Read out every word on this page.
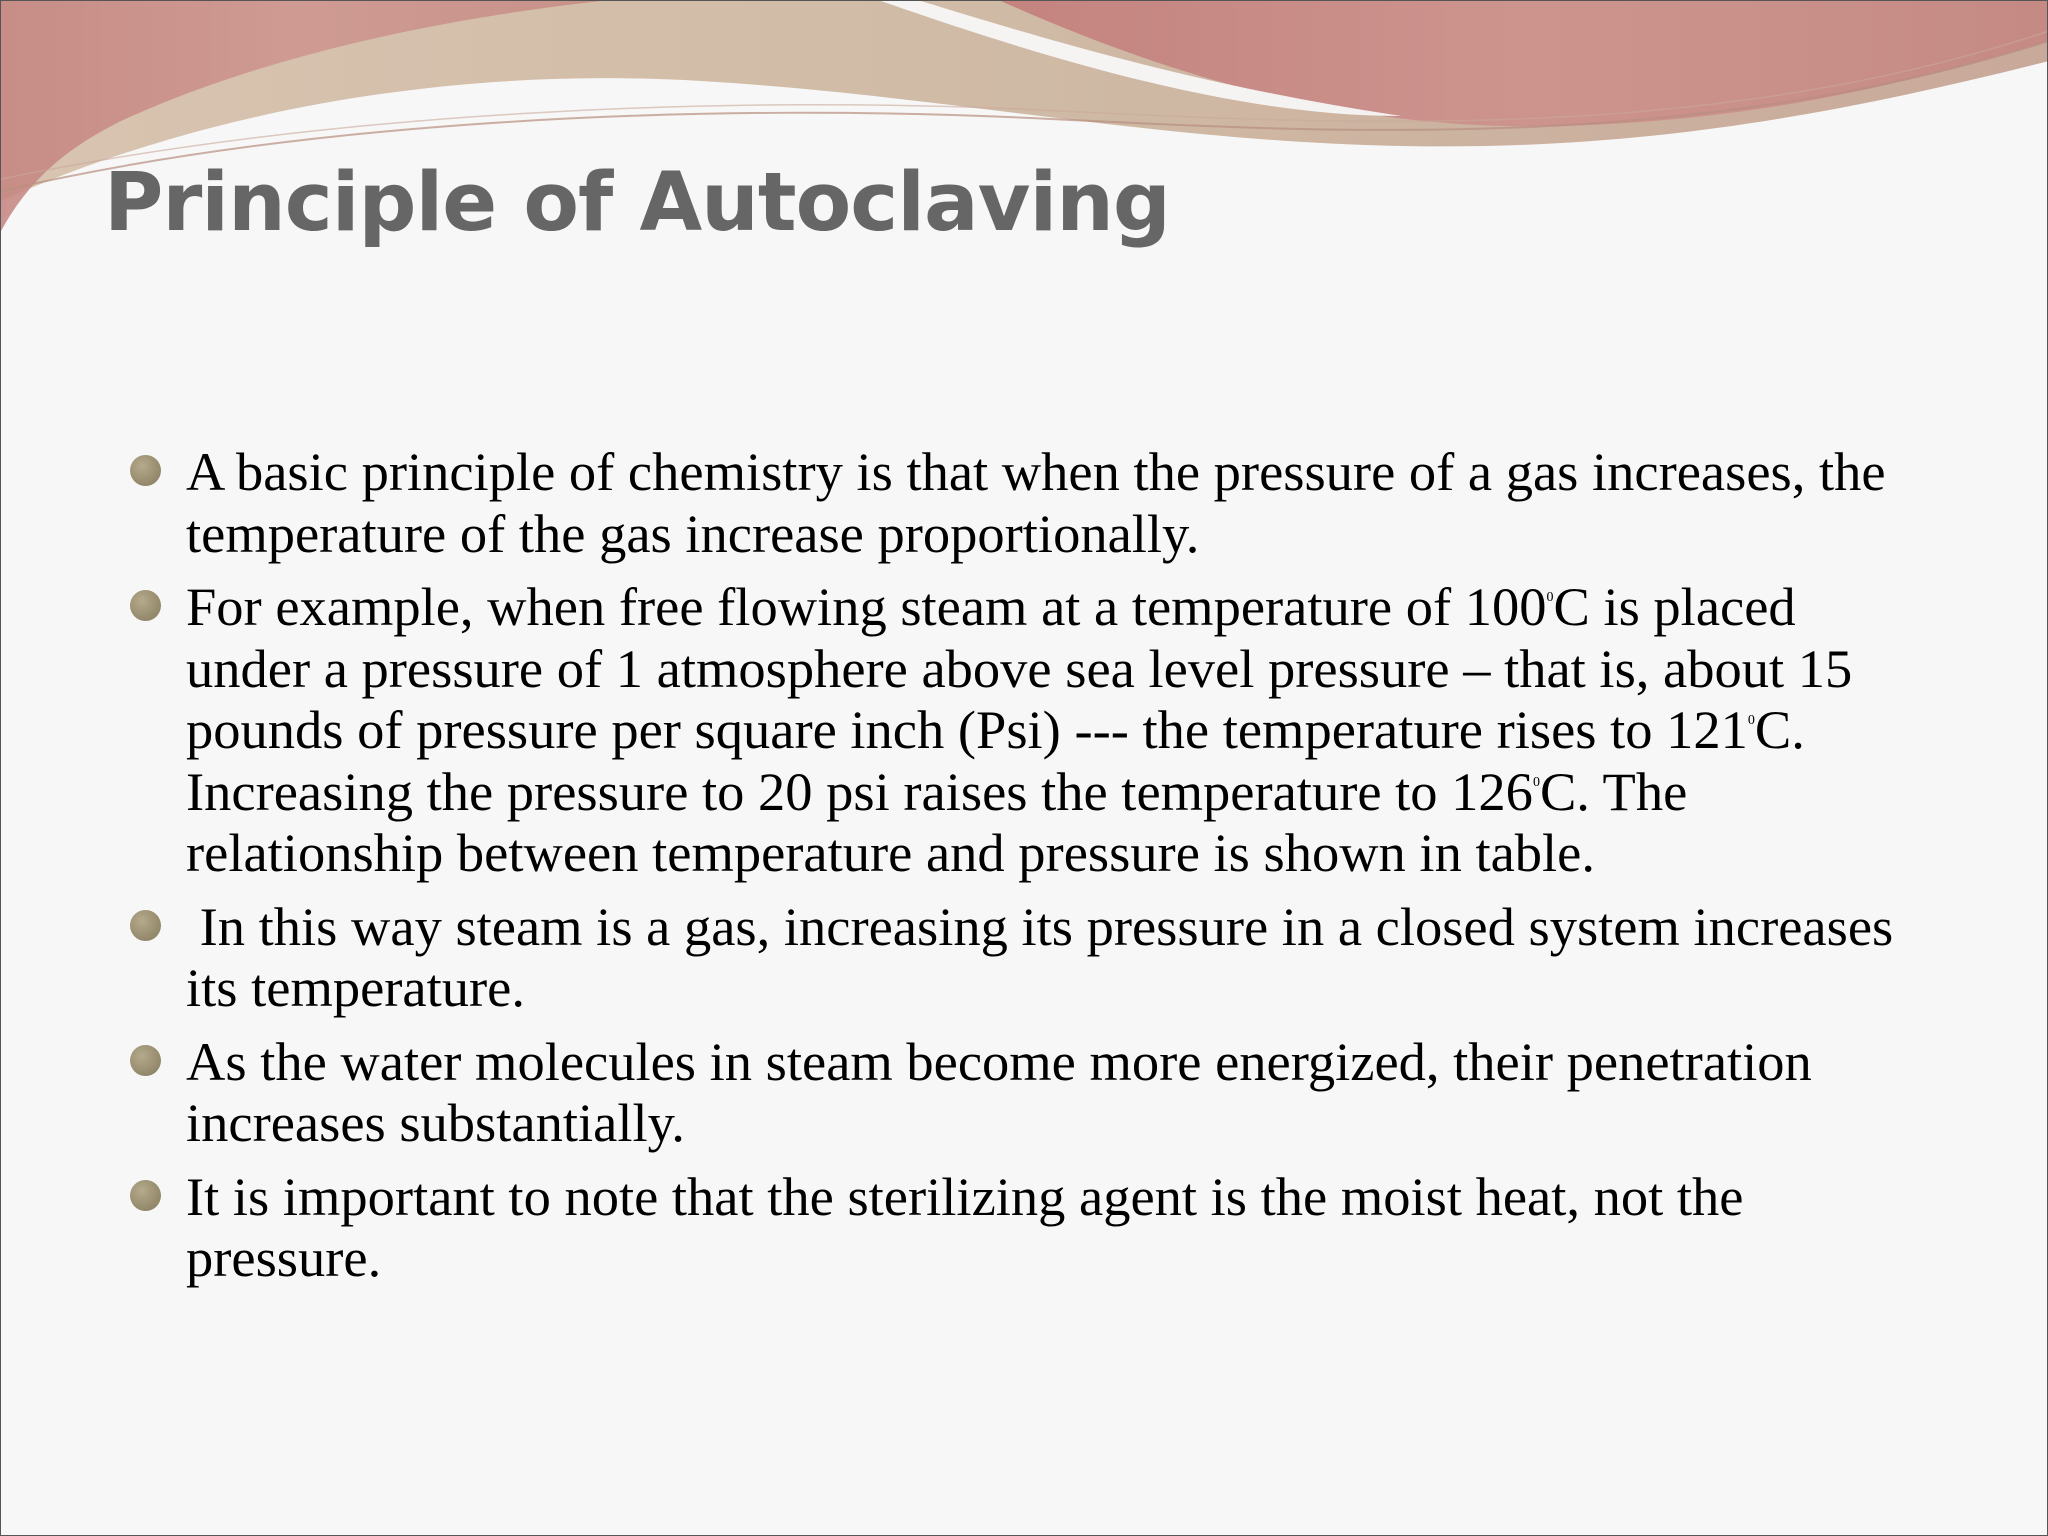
Principle of Autoclaving
A basic principle of chemistry is that when the pressure of a gas increases, the temperature of the gas increase proportionally.
For example, when free flowing steam at a temperature of $100^0C$ is placed under a pressure of 1 atmosphere above sea level pressure – that is, about 15 pounds of pressure per square inch (Psi) --- the temperature rises to $121^0C$. Increasing the pressure to 20 psi raises the temperature to $126^0C$. The relationship between temperature and pressure is shown in table.
In this way steam is a gas, increasing its pressure in a closed system increases its temperature.
As the water molecules in steam become more energized, their penetration increases substantially.
It is important to note that the sterilizing agent is the moist heat, not the pressure.
